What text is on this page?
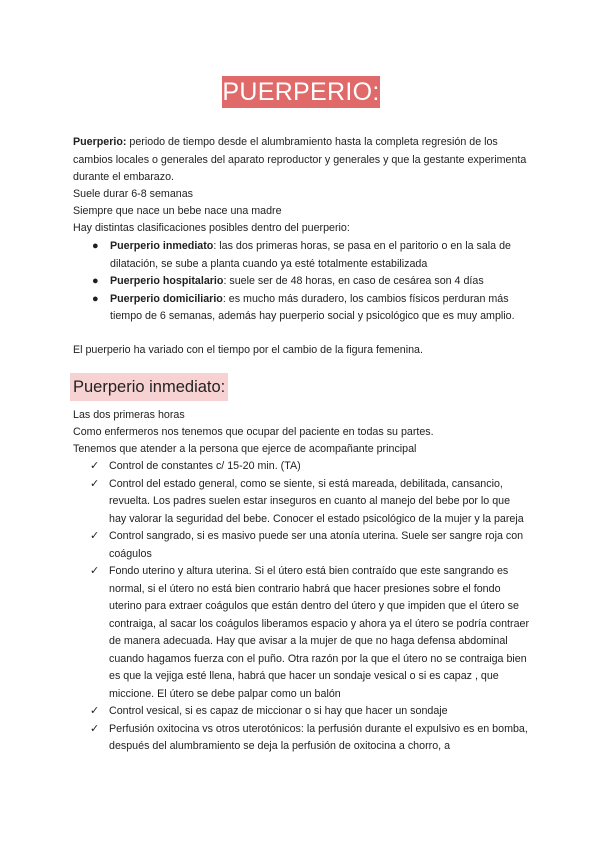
PUERPERIO:

Puerperio: periodo de tiempo desde el alumbramiento hasta la completa regresión de los cambios locales o generales del aparato reproductor y generales y que la gestante experimenta durante el embarazo.

Suele durar 6-8 semanas
Siempre que nace un bebe nace una madre
Hay distintas clasificaciones posibles dentro del puerperio:
● Puerperio inmediato: las dos primeras horas, se pasa en el paritorio o en la sala de dilatación, se sube a planta cuando ya esté totalmente estabilizada
● Puerperio hospitalario: suele ser de 48 horas, en caso de cesárea son 4 días
● Puerperio domiciliario: es mucho más duradero, los cambios físicos perduran más tiempo de 6 semanas, además hay puerperio social y psicológico que es muy amplio.
El puerperio ha variado con el tiempo por el cambio de la figura femenina.
Puerperio inmediato:
Las dos primeras horas
Como enfermeros nos tenemos que ocupar del paciente en todas su partes.
Tenemos que atender a la persona que ejerce de acompañante principal
✓ Control de constantes c/ 15-20 min. (TA)
✓ Control del estado general, como se siente, si está mareada, debilitada, cansancio, revuelta. Los padres suelen estar inseguros en cuanto al manejo del bebe por lo que hay valorar la seguridad del bebe. Conocer el estado psicológico de la mujer y la pareja
✓ Control sangrado, si es masivo puede ser una atonía uterina. Suele ser sangre roja con coágulos
✓ Fondo uterino y altura uterina. Si el útero está bien contraído que este sangrando es normal, si el útero no está bien contrario habrá que hacer presiones sobre el fondo uterino para extraer coágulos que están dentro del útero y que impiden que el útero se contraiga, al sacar los coágulos liberamos espacio y ahora ya el útero se podría contraer de manera adecuada. Hay que avisar a la mujer de que no haga defensa abdominal cuando hagamos fuerza con el puño. Otra razón por la que el útero no se contraiga bien es que la vejiga esté llena, habrá que hacer un sondaje vesical o si es capaz , que miccione. El útero se debe palpar como un balón
✓ Control vesical, si es capaz de miccionar o si hay que hacer un sondaje
✓ Perfusión oxitocina vs otros uterotónicos: la perfusión durante el expulsivo es en bomba, después del alumbramiento se deja la perfusión de oxitocina a chorro, a
